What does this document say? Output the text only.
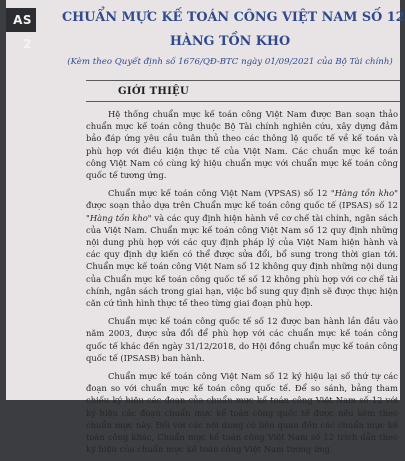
AS 2
CHUẨN MỰC KẾ TOÁN CÔNG VIỆT NAM SỐ 12
HÀNG TỒN KHO
(Kèm theo Quyết định số 1676/QĐ-BTC ngày 01/09/2021 của Bộ Tài chính)
GIỚI THIỆU

Hệ thống chuẩn mực kế toán công Việt Nam được Ban soạn thảo chuẩn mực kế toán công thuộc Bộ Tài chính nghiên cứu, xây dựng đảm bảo đáp ứng yêu cầu tuân thủ theo các thông lệ quốc tế về kế toán và phù hợp với điều kiện thực tế của Việt Nam. Các chuẩn mực kế toán công Việt Nam có cùng ký hiệu chuẩn mực với chuẩn mực kế toán công quốc tế tương ứng.

Chuẩn mực kế toán công Việt Nam (VPSAS) số 12 "Hàng tồn kho" được soạn thảo dựa trên Chuẩn mực kế toán công quốc tế (IPSAS) số 12 "Hàng tồn kho" và các quy định hiện hành về cơ chế tài chính, ngân sách của Việt Nam. Chuẩn mực kế toán công Việt Nam số 12 quy định những nội dung phù hợp với các quy định pháp lý của Việt Nam hiện hành và các quy định dự kiến có thể được sửa đổi, bổ sung trong thời gian tới. Chuẩn mực kế toán công Việt Nam số 12 không quy định những nội dung của Chuẩn mực kế toán công quốc tế số 12 không phù hợp với cơ chế tài chính, ngân sách trong giai hạn, việc bổ sung quy định sẽ được thực hiện căn cứ tình hình thực tế theo từng giai đoạn phù hợp.

Chuẩn mực kế toán công quốc tế số 12 được ban hành lần đầu vào năm 2003, được sửa đổi để phù hợp với các chuẩn mực kế toán công quốc tế khác đến ngày 31/12/2018, do Hội đồng chuẩn mực kế toán công quốc tế (IPSASB) ban hành.

Chuẩn mực kế toán công Việt Nam số 12 ký hiệu lại số thứ tự các đoạn so với chuẩn mực kế toán công quốc tế. Để so sánh, bảng tham chiếu ký hiệu các đoạn của chuẩn mực kế toán công Việt Nam số 12 với ký hiệu các đoạn chuẩn mực kế toán công quốc tế được nêu kèm theo chuẩn mực này. Đối với các nội dung có liên quan đến các chuẩn mực kế toán công khác, Chuẩn mực kế toán công Việt Nam số 12 trích dẫn theo ký hiệu của chuẩn mực kế toán công Việt Nam tương ứng.
